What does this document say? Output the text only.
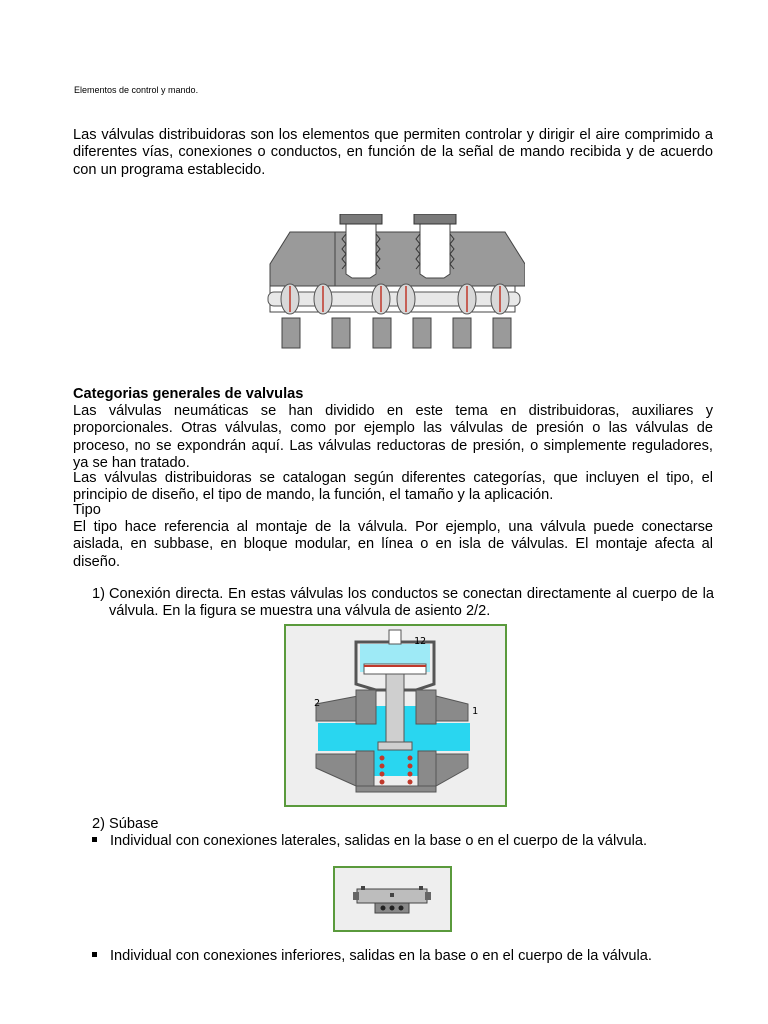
Elementos de control y mando.

Las válvulas distribuidoras son los elementos que permiten controlar y dirigir el aire comprimido a diferentes vías, conexiones o conductos, en función de la señal de mando recibida y de acuerdo con un programa establecido.

Categorias generales de valvulas

Las válvulas neumáticas se han dividido en este tema en distribuidoras, auxiliares y proporcionales. Otras válvulas, como por ejemplo las válvulas de presión o las válvulas de proceso, no se expondrán aquí. Las válvulas reductoras de presión, o simplemente reguladores, ya se han tratado.

Las válvulas distribuidoras se catalogan según diferentes categorías, que incluyen el tipo, el principio de diseño, el tipo de mando, la función, el tamaño y la aplicación.

Tipo

El tipo hace referencia al montaje de la válvula. Por ejemplo, una válvula puede conectarse aislada, en subbase, en bloque modular, en línea o en isla de válvulas. El montaje afecta al diseño.

1) Conexión directa. En estas válvulas los conductos se conectan directamente al cuerpo de la válvula. En la figura se muestra una válvula de asiento 2/2.
12
2
1
2) Súbase
Individual con conexiones laterales, salidas en la base o en el cuerpo de la válvula.
Individual con conexiones inferiores, salidas en la base o en el cuerpo de la válvula.
